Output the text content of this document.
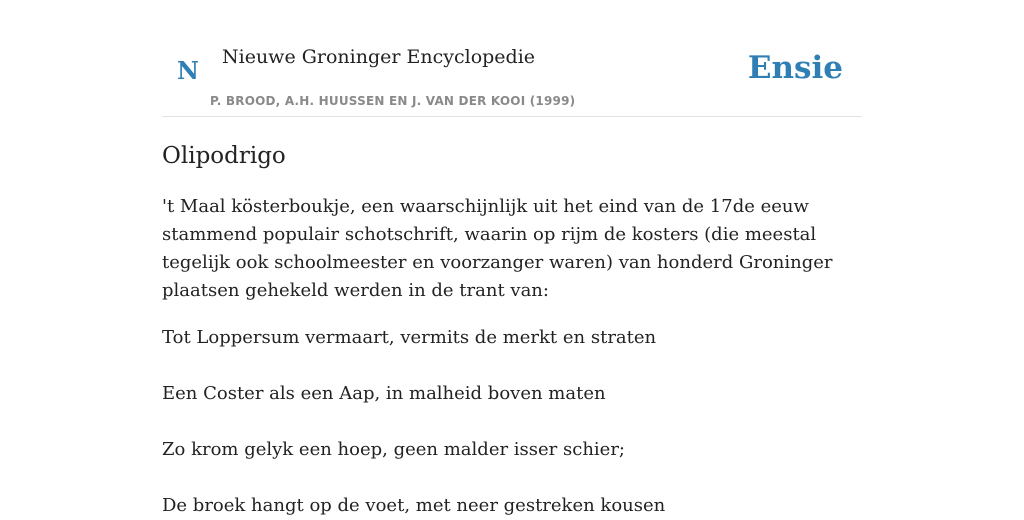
N Nieuwe Groninger Encyclopedie
P. BROOD, A.H. HUUSSEN EN J. VAN DER KOOI (1999)
Ensie
Olipodrigo

't Maal kösterboukje, een waarschijnlijk uit het eind van de 17de eeuw stammend populair schotschrift, waarin op rijm de kosters (die meestal tegelijk ook schoolmeester en voorzanger waren) van honderd Groninger plaatsen gehekeld werden in de trant van:

Tot Loppersum vermaart, vermits de merkt en straten

Een Coster als een Aap, in malheid boven maten

Zo krom gelyk een hoep, geen malder isser schier;

De broek hangt op de voet, met neer gestreken kousen
